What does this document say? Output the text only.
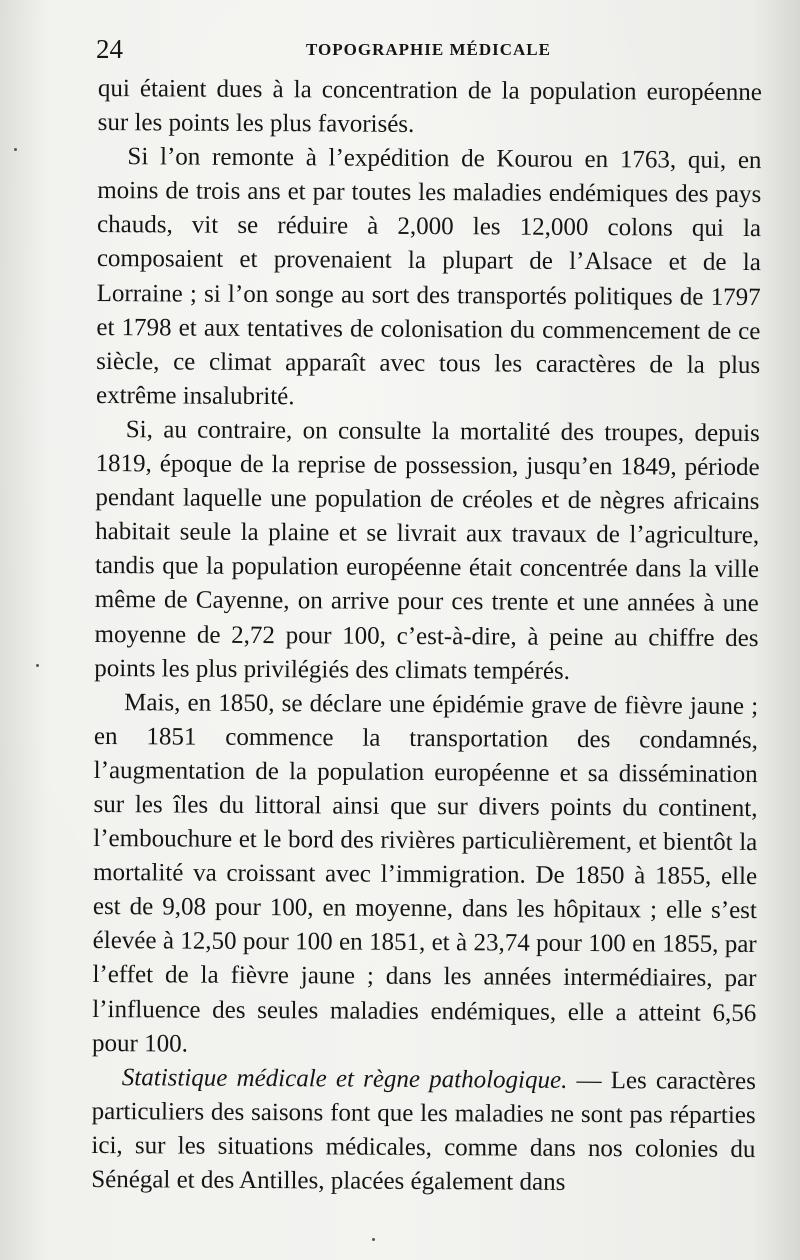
24	TOPOGRAPHIE MÉDICALE

qui étaient dues à la concentration de la population européenne sur les points les plus favorisés.

Si l’on remonte à l’expédition de Kourou en 1763, qui, en moins de trois ans et par toutes les maladies endémiques des pays chauds, vit se réduire à 2,000 les 12,000 colons qui la composaient et provenaient la plupart de l’Alsace et de la Lorraine ; si l’on songe au sort des transportés politiques de 1797 et 1798 et aux tentatives de colonisation du commencement de ce siècle, ce climat apparaît avec tous les caractères de la plus extrême insalubrité.

Si, au contraire, on consulte la mortalité des troupes, depuis 1819, époque de la reprise de possession, jusqu’en 1849, période pendant laquelle une population de créoles et de nègres africains habitait seule la plaine et se livrait aux travaux de l’agriculture, tandis que la population européenne était concentrée dans la ville même de Cayenne, on arrive pour ces trente et une années à une moyenne de 2,72 pour 100, c’est-à-dire, à peine au chiffre des points les plus privilégiés des climats tempérés.

Mais, en 1850, se déclare une épidémie grave de fièvre jaune ; en 1851 commence la transportation des condamnés, l’augmentation de la population européenne et sa dissémination sur les îles du littoral ainsi que sur divers points du continent, l’embouchure et le bord des rivières particulièrement, et bientôt la mortalité va croissant avec l’immigration. De 1850 à 1855, elle est de 9,08 pour 100, en moyenne, dans les hôpitaux ; elle s’est élevée à 12,50 pour 100 en 1851, et à 23,74 pour 100 en 1855, par l’effet de la fièvre jaune ; dans les années intermédiaires, par l’influence des seules maladies endémiques, elle a atteint 6,56 pour 100.

Statistique médicale et règne pathologique. — Les caractères particuliers des saisons font que les maladies ne sont pas réparties ici, sur les situations médicales, comme dans nos colonies du Sénégal et des Antilles, placées également dans
